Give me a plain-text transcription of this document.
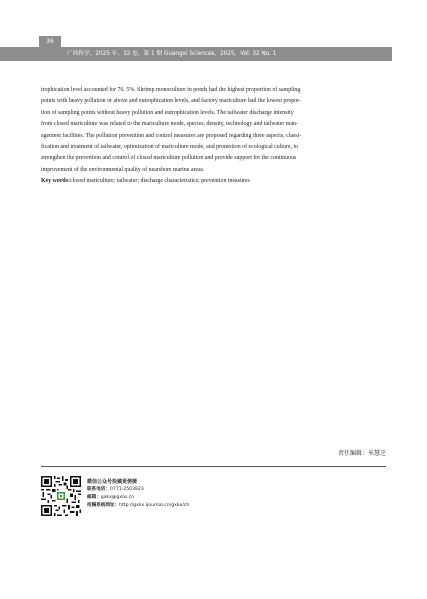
36
广西科学，2025 年，32 卷，第 1 期 Guangxi Sciences，2025，Vol. 32 No. 1
trophication level accounted for 76. 5%. Shrimp monoculture in ponds had the highest proportion of sampling
points with heavy pollution or above and eutrophication levels, and factory mariculture had the lowest propor-
tion of sampling points without heavy pollution and eutrophication levels. The tailwater discharge intensity
from closed mariculture was related to the mariculture mode, species, density, technology and tailwater man-
agement facilities. The pollution prevention and control measures are proposed regarding three aspects, classi-
fication and treatment of tailwater, optimization of mariculture mode, and promotion of ecological culture, to
strengthen the prevention and control of closed mariculture pollution and provide support for the continuous
improvement of the environmental quality of nearshore marine areas.
Key words:closed mariculture; tailwater; discharge characteristics; prevention measures
责任编辑：米慧芝
微信公众号投稿更便捷
联系电话：0771-2503923
邮箱：gxkx@gxas.cn
投稿系统网址：http://gxkx.ijournal.cn/gxkx/ch
